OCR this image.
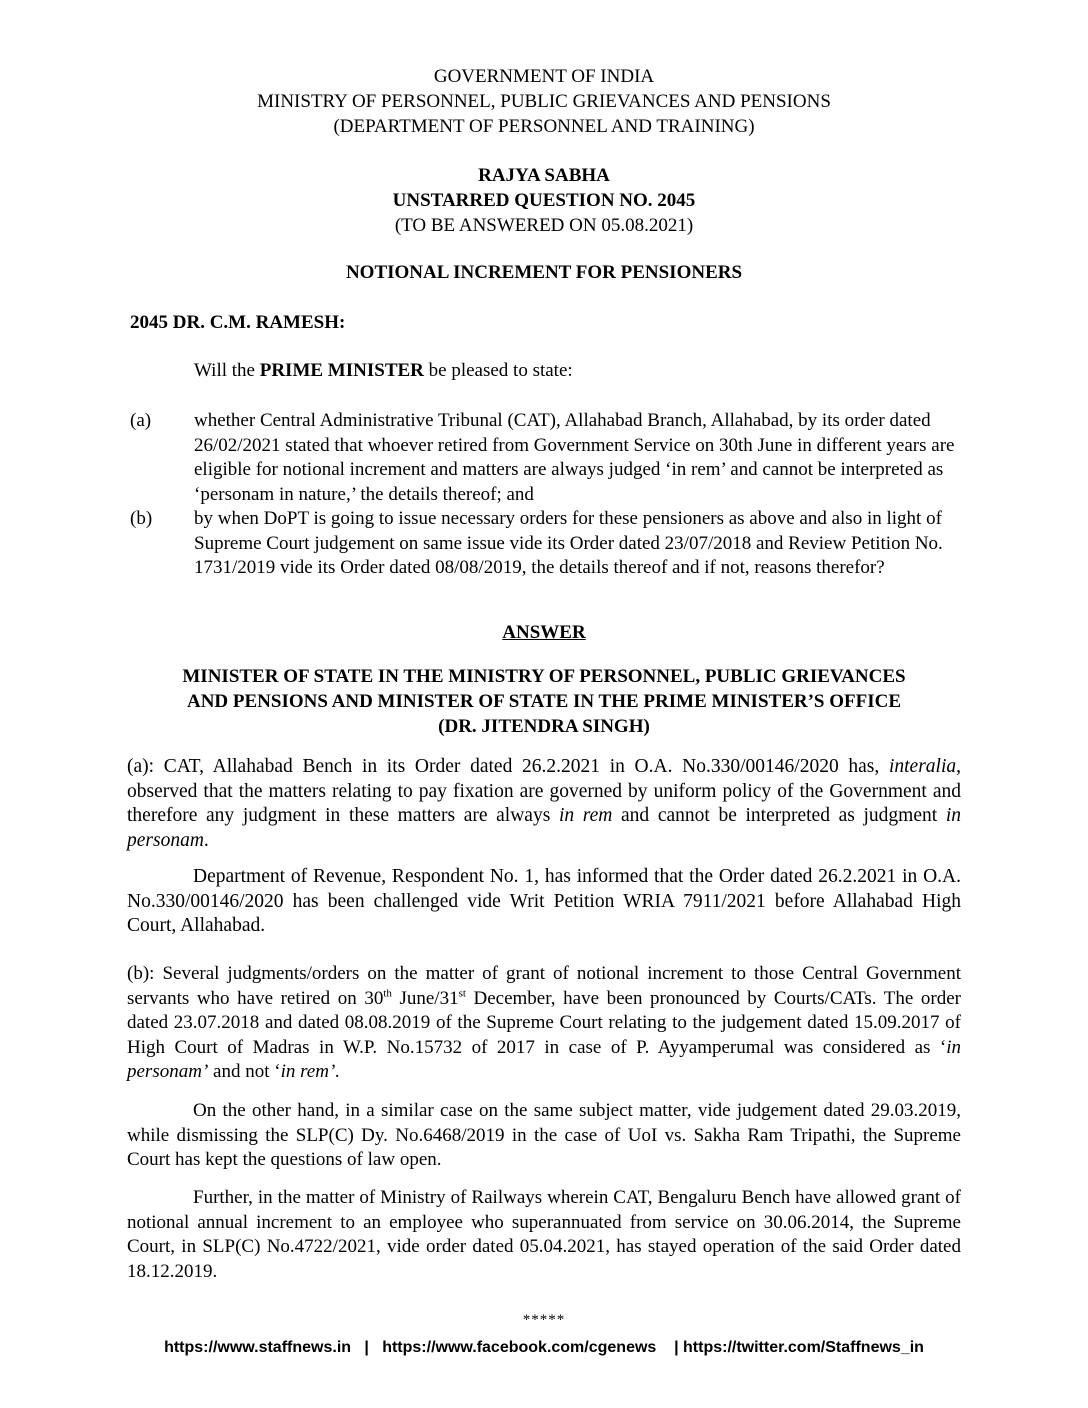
GOVERNMENT OF INDIA
MINISTRY OF PERSONNEL, PUBLIC GRIEVANCES AND PENSIONS
(DEPARTMENT OF PERSONNEL AND TRAINING)
RAJYA SABHA
UNSTARRED QUESTION NO. 2045
(TO BE ANSWERED ON 05.08.2021)
NOTIONAL INCREMENT FOR PENSIONERS
2045 DR. C.M. RAMESH:
Will the PRIME MINISTER be pleased to state:
(a) whether Central Administrative Tribunal (CAT), Allahabad Branch, Allahabad, by its order dated 26/02/2021 stated that whoever retired from Government Service on 30th June in different years are eligible for notional increment and matters are always judged ‘in rem’ and cannot be interpreted as ‘personam in nature,’ the details thereof; and
(b) by when DoPT is going to issue necessary orders for these pensioners as above and also in light of Supreme Court judgement on same issue vide its Order dated 23/07/2018 and Review Petition No. 1731/2019 vide its Order dated 08/08/2019, the details thereof and if not, reasons therefor?
ANSWER
MINISTER OF STATE IN THE MINISTRY OF PERSONNEL, PUBLIC GRIEVANCES
AND PENSIONS AND MINISTER OF STATE IN THE PRIME MINISTER’S OFFICE
(DR. JITENDRA SINGH)
(a): CAT, Allahabad Bench in its Order dated 26.2.2021 in O.A. No.330/00146/2020 has, interalia, observed that the matters relating to pay fixation are governed by uniform policy of the Government and therefore any judgment in these matters are always in rem and cannot be interpreted as judgment in personam.
Department of Revenue, Respondent No. 1, has informed that the Order dated 26.2.2021 in O.A. No.330/00146/2020 has been challenged vide Writ Petition WRIA 7911/2021 before Allahabad High Court, Allahabad.
(b): Several judgments/orders on the matter of grant of notional increment to those Central Government servants who have retired on 30th June/31st December, have been pronounced by Courts/CATs. The order dated 23.07.2018 and dated 08.08.2019 of the Supreme Court relating to the judgement dated 15.09.2017 of High Court of Madras in W.P. No.15732 of 2017 in case of P. Ayyamperumal was considered as ‘in personam’ and not ‘in rem’.
On the other hand, in a similar case on the same subject matter, vide judgement dated 29.03.2019, while dismissing the SLP(C) Dy. No.6468/2019 in the case of UoI vs. Sakha Ram Tripathi, the Supreme Court has kept the questions of law open.
Further, in the matter of Ministry of Railways wherein CAT, Bengaluru Bench have allowed grant of notional annual increment to an employee who superannuated from service on 30.06.2014, the Supreme Court, in SLP(C) No.4722/2021, vide order dated 05.04.2021, has stayed operation of the said Order dated 18.12.2019.
*****
https://www.staffnews.in   |   https://www.facebook.com/cgenews    | https://twitter.com/Staffnews_in
